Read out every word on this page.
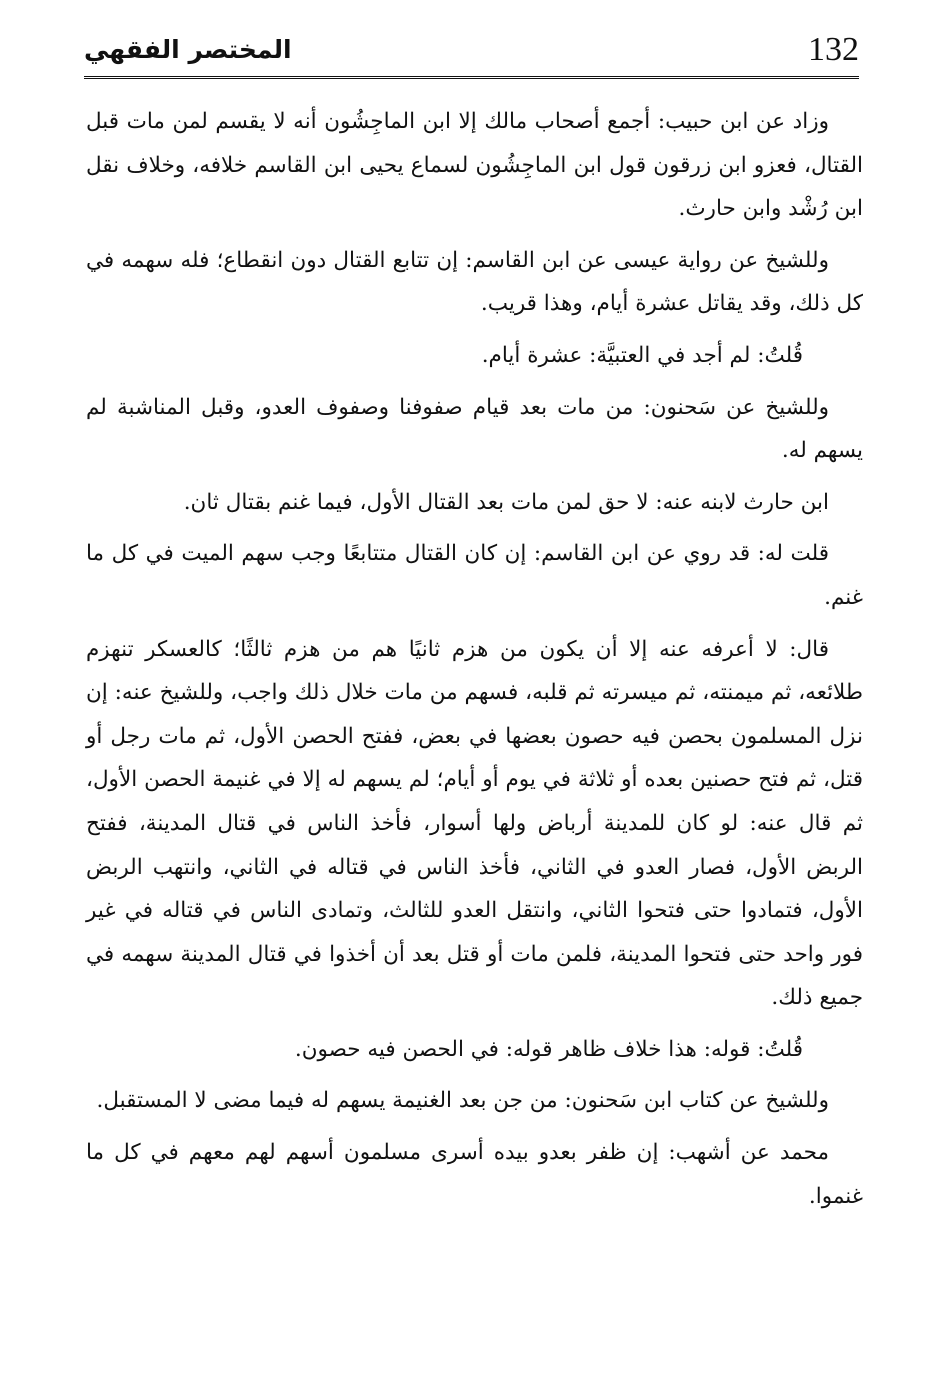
132
المختصر الفقهي

وزاد عن ابن حبيب: أجمع أصحاب مالك إلا ابن الماجِشُون أنه لا يقسم لمن مات قبل القتال، فعزو ابن زرقون قول ابن الماجِشُون لسماع يحيى ابن القاسم خلافه، وخلاف نقل ابن رُشْد وابن حارث.

وللشيخ عن رواية عيسى عن ابن القاسم: إن تتابع القتال دون انقطاع؛ فله سهمه في كل ذلك، وقد يقاتل عشرة أيام، وهذا قريب.

قُلتُ: لم أجد في العتبيَّة: عشرة أيام.

وللشيخ عن سَحنون: من مات بعد قيام صفوفنا وصفوف العدو، وقبل المناشبة لم يسهم له.

ابن حارث لابنه عنه: لا حق لمن مات بعد القتال الأول، فيما غنم بقتال ثان.

قلت له: قد روي عن ابن القاسم: إن كان القتال متتابعًا وجب سهم الميت في كل ما غنم.

قال: لا أعرفه عنه إلا أن يكون من هزم ثانيًا هم من هزم ثالثًا؛ كالعسكر تنهزم طلائعه، ثم ميمنته، ثم ميسرته ثم قلبه، فسهم من مات خلال ذلك واجب، وللشيخ عنه: إن نزل المسلمون بحصن فيه حصون بعضها في بعض، ففتح الحصن الأول، ثم مات رجل أو قتل، ثم فتح حصنين بعده أو ثلاثة في يوم أو أيام؛ لم يسهم له إلا في غنيمة الحصن الأول، ثم قال عنه: لو كان للمدينة أرباض ولها أسوار، فأخذ الناس في قتال المدينة، ففتح الربض الأول، فصار العدو في الثاني، فأخذ الناس في قتاله في الثاني، وانتهب الربض الأول، فتمادوا حتى فتحوا الثاني، وانتقل العدو للثالث، وتمادى الناس في قتاله في غير فور واحد حتى فتحوا المدينة، فلمن مات أو قتل بعد أن أخذوا في قتال المدينة سهمه في جميع ذلك.

قُلتُ: قوله: هذا خلاف ظاهر قوله: في الحصن فيه حصون.

وللشيخ عن كتاب ابن سَحنون: من جن بعد الغنيمة يسهم له فيما مضى لا المستقبل.

محمد عن أشهب: إن ظفر بعدو بيده أسرى مسلمون أسهم لهم معهم في كل ما غنموا.
